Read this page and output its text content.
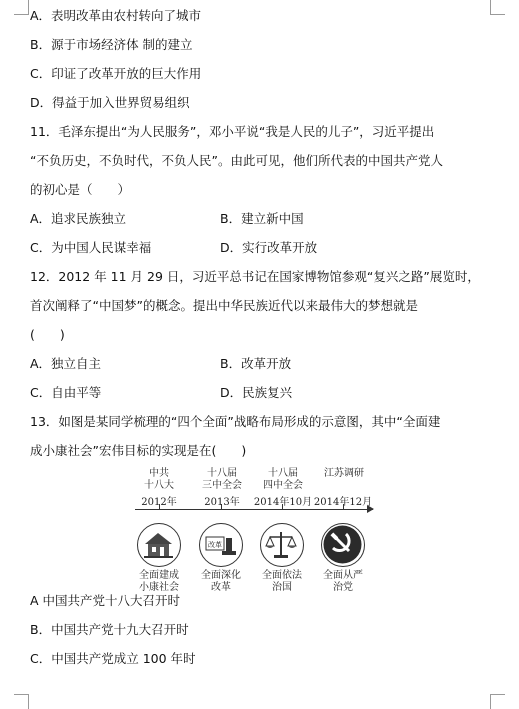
A．表明改革由农村转向了城市
B．源于市场经济体 制的建立
C．印证了改革开放的巨大作用
D．得益于加入世界贸易组织
11．毛泽东提出“为人民服务”，邓小平说“我是人民的儿子”，习近平提出
“不负历史，不负时代，不负人民”。由此可见，他们所代表的中国共产党人
的初心是（　　）
A．追求民族独立	B．建立新中国
C．为中国人民谋幸福	D．实行改革开放
12．2012 年 11 月 29 日，习近平总书记在国家博物馆参观“复兴之路”展览时，
首次阐释了“中国梦”的概念。提出中华民族近代以来最伟大的梦想就是
(　　)
A．独立自主	B．改革开放
C．自由平等	D．民族复兴
13．如图是某同学梳理的“四个全面”战略布局形成的示意图，其中“全面建
成小康社会”宏伟目标的实现是在(　　)
中共
十八大
2012年
全面建成
小康社会
十八届
三中全会
2013年
改革
全面深化
改革
十八届
四中全会
2014年10月
全面依法
治国
江苏调研
2014年12月
全面从严
治党
A 中国共产党十八大召开时
B．中国共产党十九大召开时
C．中国共产党成立 100 年时
